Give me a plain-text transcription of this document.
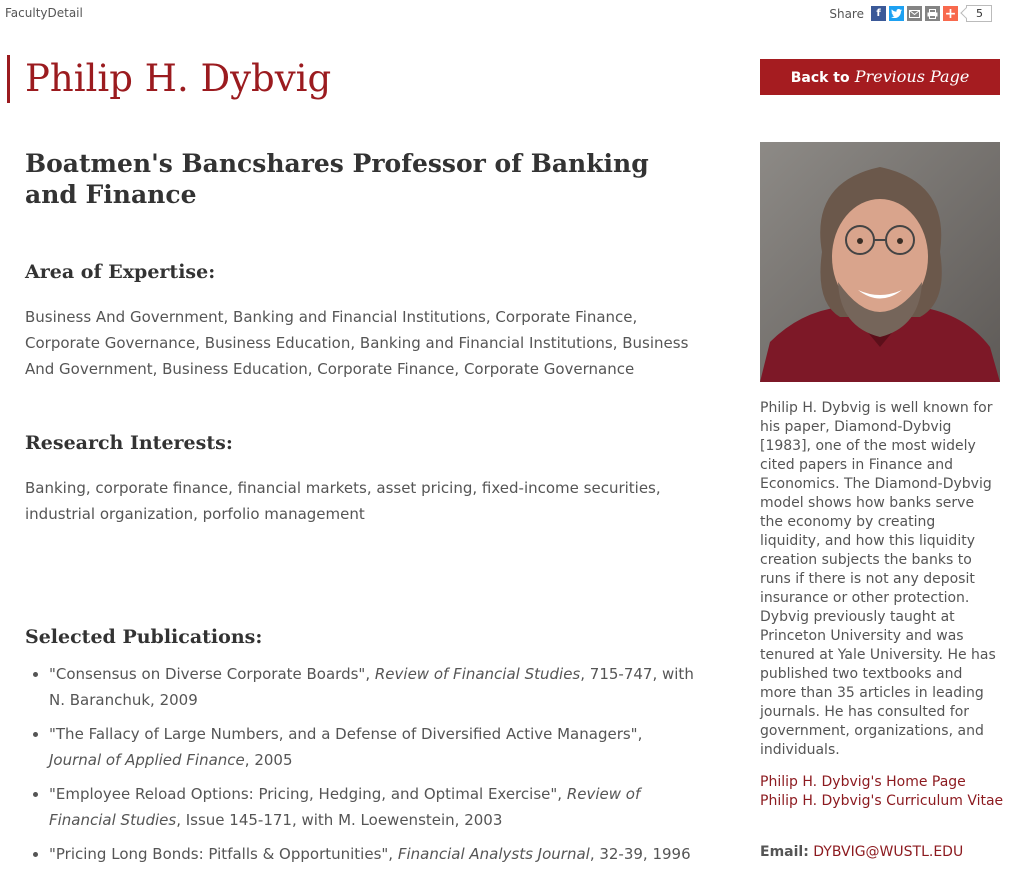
FacultyDetail	Share	f	+	5
Philip H. Dybvig	Back to Previous Page
Boatmen's Bancshares Professor of Banking and Finance
Area of Expertise:

Business And Government, Banking and Financial Institutions, Corporate Finance, Corporate Governance, Business Education, Banking and Financial Institutions, Business And Government, Business Education, Corporate Finance, Corporate Governance

Research Interests:

Banking, corporate finance, financial markets, asset pricing, fixed-income securities, industrial organization, porfolio management

Selected Publications:
• "Consensus on Diverse Corporate Boards", Review of Financial Studies, 715-747, with N. Baranchuk, 2009
• "The Fallacy of Large Numbers, and a Defense of Diversified Active Managers", Journal of Applied Finance, 2005
• "Employee Reload Options: Pricing, Hedging, and Optimal Exercise", Review of Financial Studies, Issue 145-171, with M. Loewenstein, 2003
• "Pricing Long Bonds: Pitfalls & Opportunities", Financial Analysts Journal, 32-39, 1996

Philip H. Dybvig is well known for his paper, Diamond-Dybvig [1983], one of the most widely cited papers in Finance and Economics. The Diamond-Dybvig model shows how banks serve the economy by creating liquidity, and how this liquidity creation subjects the banks to runs if there is not any deposit insurance or other protection. Dybvig previously taught at Princeton University and was tenured at Yale University. He has published two textbooks and more than 35 articles in leading journals. He has consulted for government, organizations, and individuals.

Philip H. Dybvig's Home Page
Philip H. Dybvig's Curriculum Vitae
Email: DYBVIG@WUSTL.EDU
